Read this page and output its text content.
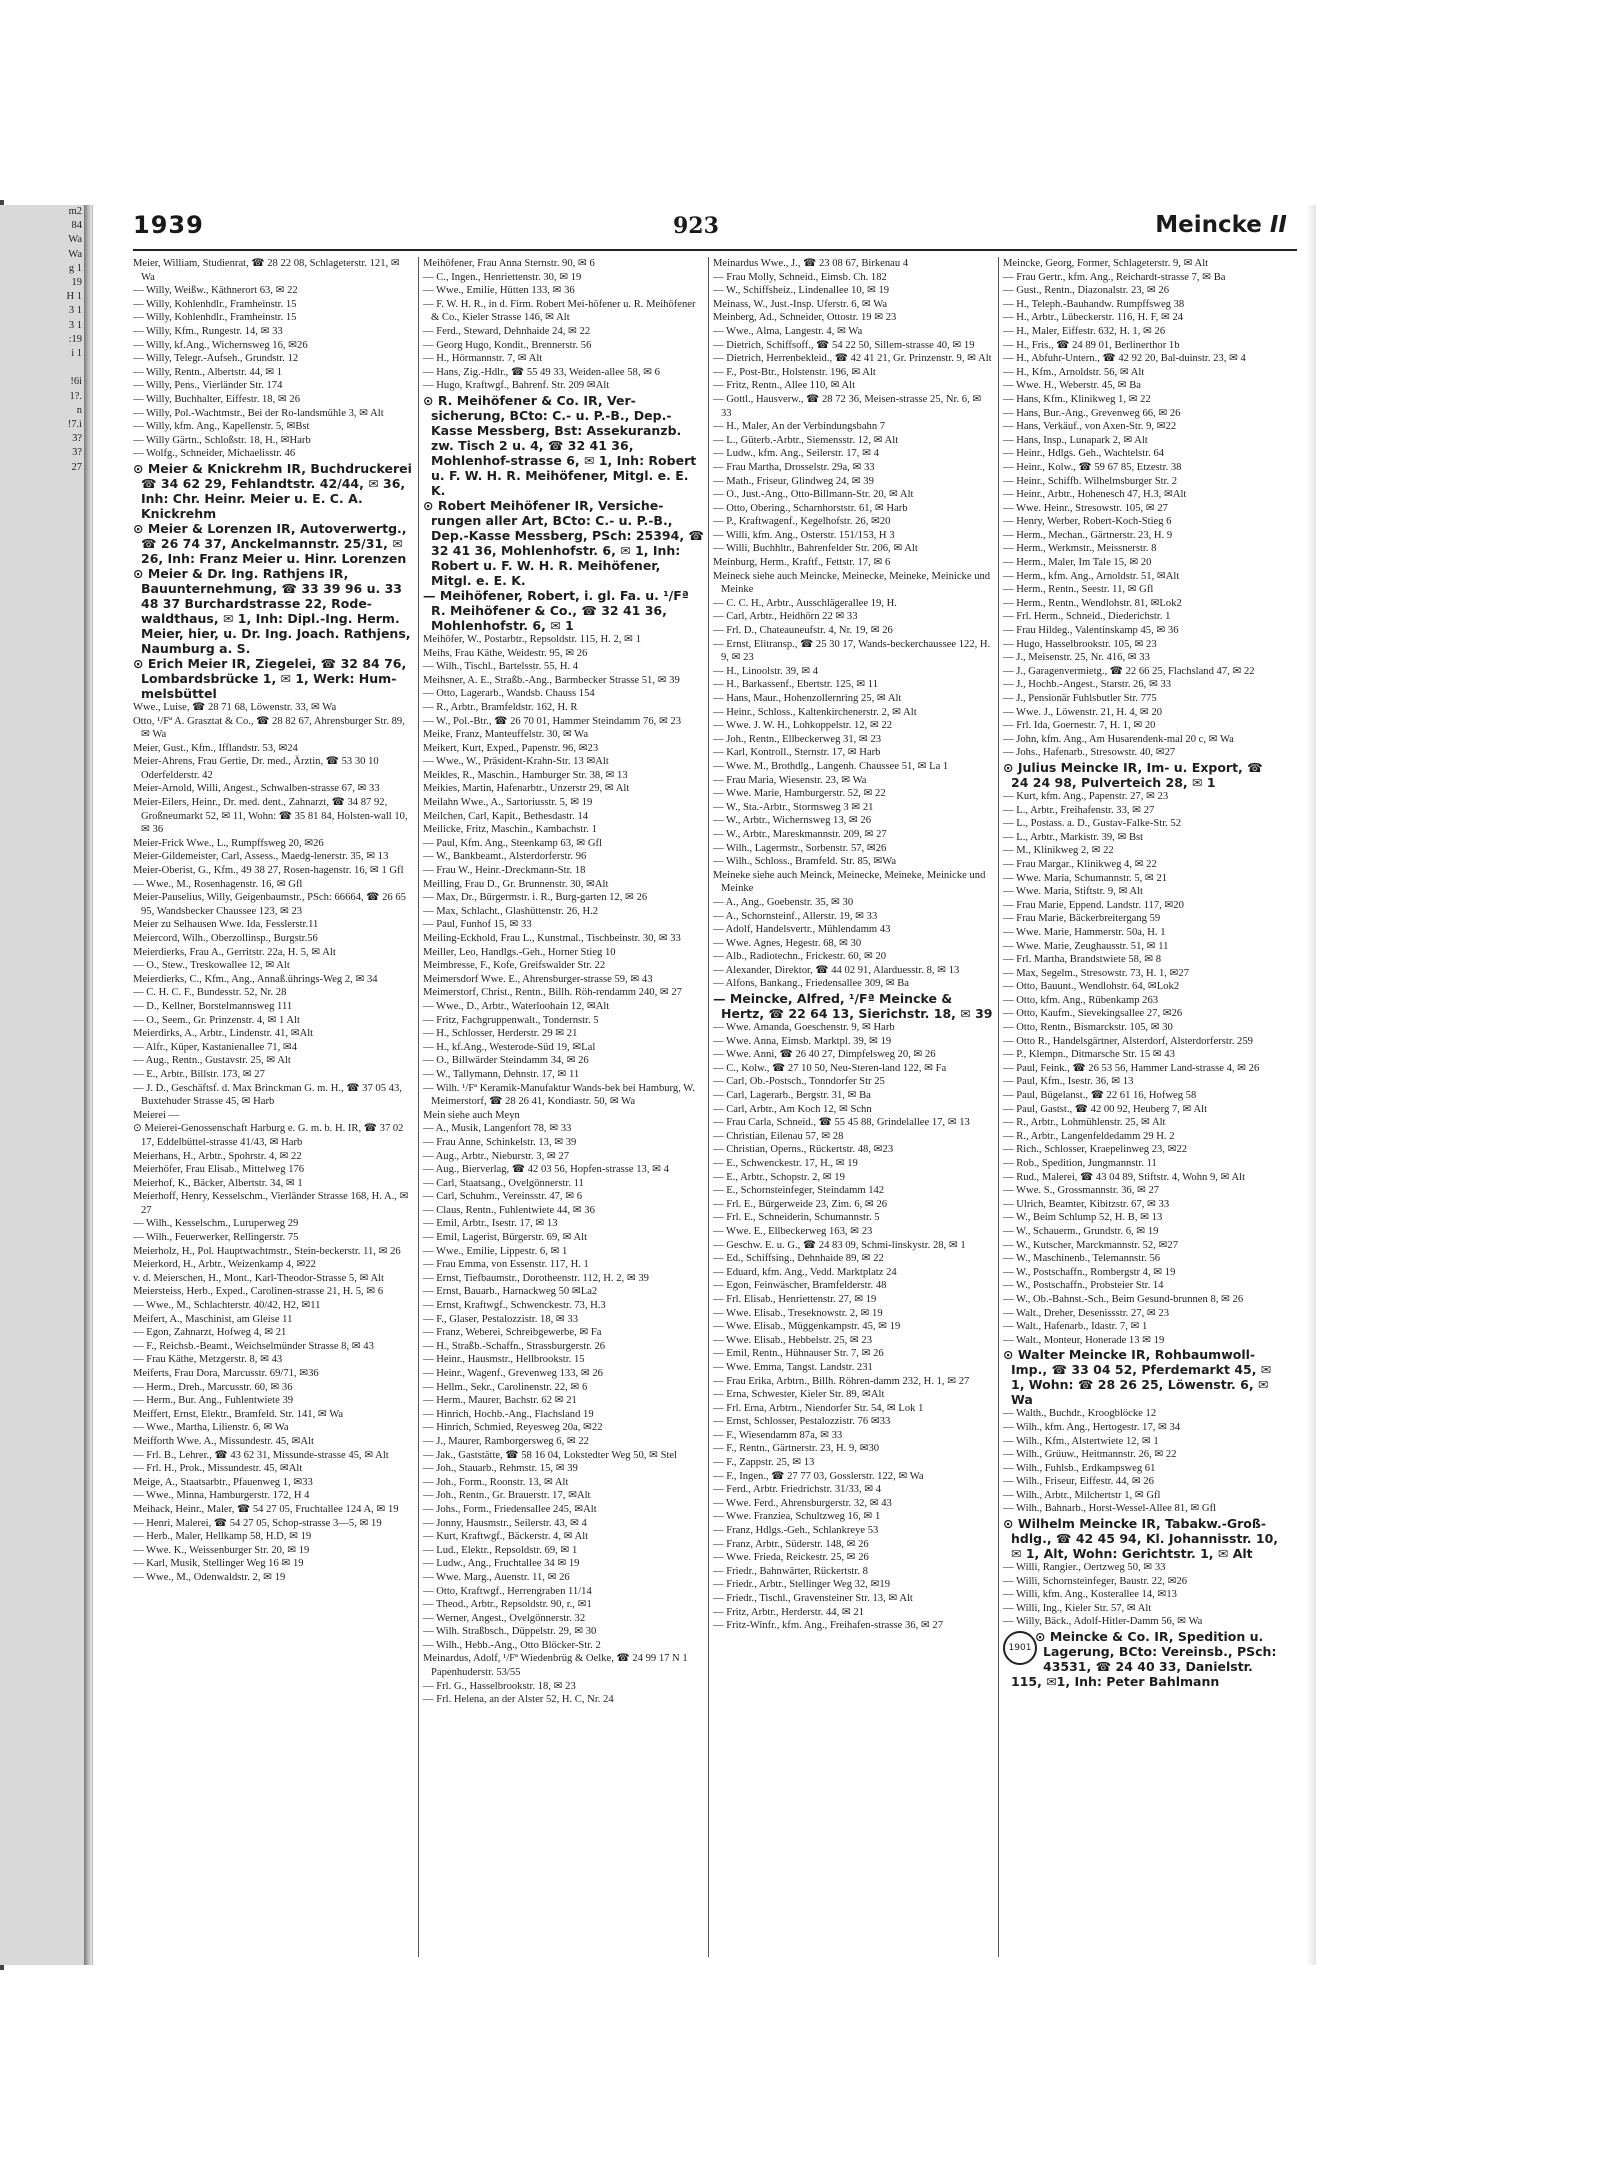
m2
84
Wa
Wa
g 1
19
H 1
3 1
3 1
:19
i 1

!6i
1?.
n
!7.ì
3?
3?
27

1939	923	Meincke II

Meier, William, Studienrat, ☎ 28 22 08, Schlageterstr. 121, ✉ Wa

— Willy, Weißw., Käthnerort 63, ✉ 22

— Willy, Kohlenhdlr., Framheinstr. 15

— Willy, Kohlenhdlr., Framheinstr. 15

— Willy, Kfm., Rungestr. 14, ✉ 33

— Willy, kf.Ang., Wichernsweg 16, ✉26

— Willy, Telegr.-Aufseh., Grundstr. 12

— Willy, Rentn., Albertstr. 44, ✉ 1

— Willy, Pens., Vierländer Str. 174

— Willy, Buchhalter, Eiffestr. 18, ✉ 26

— Willy, Pol.-Wachtmstr., Bei der Ro-landsmühle 3, ✉ Alt

— Willy, kfm. Ang., Kapellenstr. 5, ✉Bst

— Willy Gärtn., Schloßstr. 18, H., ✉Harb

— Wolfg., Schneider, Michaelisstr. 46

⊙ Meier & Knickrehm IR, Buchdruckerei ☎ 34 62 29, Fehlandtstr. 42/44, ✉ 36, Inh: Chr. Heinr. Meier u. E. C. A. Knickrehm

⊙ Meier & Lorenzen IR, Autoverwertg., ☎ 26 74 37, Anckelmannstr. 25/31, ✉ 26, Inh: Franz Meier u. Hinr. Lorenzen

⊙ Meier & Dr. Ing. Rathjens IR, Bauunternehmung, ☎ 33 39 96 u. 33 48 37 Burchardstrasse 22, Rode-waldthaus, ✉ 1, Inh: Dipl.-Ing. Herm. Meier, hier, u. Dr. Ing. Joach. Rathjens, Naumburg a. S.

⊙ Erich Meier IR, Ziegelei, ☎ 32 84 76, Lombardsbrücke 1, ✉ 1, Werk: Hum-melsbüttel

Wwe., Luise, ☎ 28 71 68, Löwenstr. 33, ✉ Wa

Otto, ¹/Fª A. Grasztat & Co., ☎ 28 82 67, Ahrensburger Str. 89, ✉ Wa

Meier, Gust., Kfm., Ifflandstr. 53, ✉24

Meier-Ahrens, Frau Gertie, Dr. med., Ärztin, ☎ 53 30 10 Oderfelderstr. 42

Meier-Arnold, Willi, Angest., Schwalben-strasse 67, ✉ 33

Meier-Eilers, Heinr., Dr. med. dent., Zahnarzt, ☎ 34 87 92, Großneumarkt 52, ✉ 11, Wohn: ☎ 35 81 84, Holsten-wall 10, ✉ 36

Meier-Frick Wwe., L., Rumpffsweg 20, ✉26

Meier-Gildemeister, Carl, Assess., Maedg-lenerstr. 35, ✉ 13

Meier-Oberist, G., Kfm., 49 38 27, Rosen-hagenstr. 16, ✉ 1 Gfl

— Wwe., M., Rosenhagenstr. 16, ✉ Gfl

Meier-Pauselius, Willy, Geigenbaumstr., PSch: 66664, ☎ 26 65 95, Wandsbecker Chaussee 123, ✉ 23

Meier zu Selhausen Wwe. Ida, Fesslerstr.11

Meiercord, Wilh., Oberzollinsp., Burgstr.56

Meierdierks, Frau A., Gerritstr. 22a, H. 5, ✉ Alt

— O., Stew., Treskowallee 12, ✉ Alt

Meierdierks, C., Kfm., Ang., Annaß.ührings-Weg 2, ✉ 34

— C. H. C. F., Bundesstr. 52, Nr. 28

— D., Kellner, Borstelmannsweg 111

— O., Seem., Gr. Prinzenstr. 4, ✉ 1 Alt

Meierdirks, A., Arbtr., Lindenstr. 41, ✉Alt

— Alfr., Küper, Kastanienallee 71, ✉4

— Aug., Rentn., Gustavstr. 25, ✉ Alt

— E., Arbtr., Billstr. 173, ✉ 27

— J. D., Geschäftsf. d. Max Brinckman G. m. H., ☎ 37 05 43, Buxtehuder Strasse 45, ✉ Harb

Meierei —

⊙ Meierei-Genossenschaft Harburg e. G. m. b. H. IR, ☎ 37 02 17, Eddelbüttel-strasse 41/43, ✉ Harb

Meierhans, H., Arbtr., Spohrstr. 4, ✉ 22

Meierhöfer, Frau Elisab., Mittelweg 176

Meierhof, K., Bäcker, Albertstr. 34, ✉ 1

Meierhoff, Henry, Kesselschm., Vierländer Strasse 168, H. A., ✉ 27

— Wilh., Kesselschm., Luruperweg 29

— Wilh., Feuerwerker, Rellingerstr. 75

Meierholz, H., Pol. Hauptwachtmstr., Stein-beckerstr. 11, ✉ 26

Meierkord, H., Arbtr., Weizenkamp 4, ✉22

v. d. Meierschen, H., Mont., Karl-Theodor-Strasse 5, ✉ Alt

Meiersteiss, Herb., Exped., Carolinen-strasse 21, H. 5, ✉ 6

— Wwe., M., Schlachterstr. 40/42, H2, ✉11

Meifert, A., Maschinist, am Gleise 11

— Egon, Zahnarzt, Hofweg 4, ✉ 21

— F., Reichsb.-Beamt., Weichselmünder Strasse 8, ✉ 43

— Frau Käthe, Metzgerstr. 8, ✉ 43

Meiferts, Frau Dora, Marcusstr. 69/71, ✉36

— Herm., Dreh., Marcusstr. 60, ✉ 36

— Herm., Bur. Ang., Fuhlentwiete 39

Meiffert, Ernst, Elektr., Bramfeld. Str. 141, ✉ Wa

— Wwe., Martha, Lilienstr. 6, ✉ Wa

Meifforth Wwe. A., Missundestr. 45, ✉Alt

— Frl. B., Lehrer., ☎ 43 62 31, Missunde-strasse 45, ✉ Alt

— Frl. H., Prok., Missundestr. 45, ✉Alt

Meige, A., Staatsarbtr., Pfauenweg 1, ✉33

— Wwe., Minna, Hamburgerstr. 172, H 4

Meihack, Heinr., Maler, ☎ 54 27 05, Fruchtallee 124 A, ✉ 19

— Henri, Malerei, ☎ 54 27 05, Schop-strasse 3—5, ✉ 19

— Herb., Maler, Hellkamp 58, H.D, ✉ 19

— Wwe. K., Weissenburger Str. 20, ✉ 19

— Karl, Musik, Stellinger Weg 16 ✉ 19

— Wwe., M., Odenwaldstr. 2, ✉ 19

Meihöfener, Frau Anna Sternstr. 90, ✉ 6

— C., Ingen., Henriettenstr. 30, ✉ 19

— Wwe., Emilie, Hütten 133, ✉ 36

— F. W. H. R., in d. Firm. Robert Mei-höfener u. R. Meihöfener & Co., Kieler Strasse 146, ✉ Alt

— Ferd., Steward, Dehnhaide 24, ✉ 22

— Georg Hugo, Kondit., Brennerstr. 56

— H., Hörmannstr. 7, ✉ Alt

— Hans, Zig.-Hdlr., ☎ 55 49 33, Weiden-allee 58, ✉ 6

— Hugo, Kraftwgf., Bahrenf. Str. 209 ✉Alt

⊙ R. Meihöfener & Co. IR, Ver-sicherung, BCto: C.- u. P.-B., Dep.-Kasse Messberg, Bst: Assekuranzb. zw. Tisch 2 u. 4, ☎ 32 41 36, Mohlenhof-strasse 6, ✉ 1, Inh: Robert u. F. W. H. R. Meihöfener, Mitgl. e. E. K.

⊙ Robert Meihöfener IR, Versiche-rungen aller Art, BCto: C.- u. P.-B., Dep.-Kasse Messberg, PSch: 25394, ☎ 32 41 36, Mohlenhofstr. 6, ✉ 1, Inh: Robert u. F. W. H. R. Meihöfener, Mitgl. e. E. K.

— Meihöfener, Robert, i. gl. Fa. u. ¹/Fª R. Meihöfener & Co., ☎ 32 41 36, Mohlenhofstr. 6, ✉ 1

Meihöfer, W., Postarbtr., Repsoldstr. 115, H. 2, ✉ 1

Meihs, Frau Käthe, Weidestr. 95, ✉ 26

— Wilh., Tischl., Bartelsstr. 55, H. 4

Meihsner, A. E., Straßb.-Ang., Barmbecker Strasse 51, ✉ 39

— Otto, Lagerarb., Wandsb. Chauss 154

— R., Arbtr., Bramfeldstr. 162, H. R

— W., Pol.-Btr., ☎ 26 70 01, Hammer Steindamm 76, ✉ 23

Meike, Franz, Manteuffelstr. 30, ✉ Wa

Meikert, Kurt, Exped., Papenstr. 96, ✉23

— Wwe., W., Präsident-Krahn-Str. 13 ✉Alt

Meikles, R., Maschin., Hamburger Str. 38, ✉ 13

Meikies, Martin, Hafenarbtr., Unzerstr 29, ✉ Alt

Meilahn Wwe., A., Sartoriusstr. 5, ✉ 19

Meilchen, Carl, Kapit., Bethesdastr. 14

Meilicke, Fritz, Maschin., Kambachstr. 1

— Paul, Kfm. Ang., Steenkamp 63, ✉ Gfl

— W., Bankbeamt., Alsterdorferstr. 96

— Frau W., Heinr.-Dreckmann-Str. 18

Meilling, Frau D., Gr. Brunnenstr. 30, ✉Alt

— Max, Dr., Bürgermstr. i. R., Burg-garten 12, ✉ 26

— Max, Schlacht., Glashüttenstr. 26, H.2

— Paul, Funhof 15, ✉ 33

Meiling-Eckhold, Frau L., Kunstmal., Tischbeinstr. 30, ✉ 33

Meiller, Leo, Handlgs.-Geh., Horner Stieg 10

Meimbresse, F., Kofe, Greifswalder Str. 22

Meimersdorf Wwe. E., Ahrensburger-strasse 59, ✉ 43

Meimerstorf, Christ., Rentn., Billh. Röh-rendamm 240, ✉ 27

— Wwe., D., Arbtr., Waterloohain 12, ✉Alt

— Fritz, Fachgruppenwalt., Tondernstr. 5

— H., Schlosser, Herderstr. 29 ✉ 21

— H., kf.Ang., Westerode-Süd 19, ✉Lal

— O., Billwärder Steindamm 34, ✉ 26

— W., Tallymann, Dehnstr. 17, ✉ 11

— Wilh. ¹/Fª Keramik-Manufaktur Wands-bek bei Hamburg, W. Meimerstorf, ☎ 28 26 41, Kondiastr. 50, ✉ Wa

Mein siehe auch Meyn

— A., Musik, Langenfort 78, ✉ 33

— Frau Anne, Schinkelstr. 13, ✉ 39

— Aug., Arbtr., Nieburstr. 3, ✉ 27

— Aug., Bierverlag, ☎ 42 03 56, Hopfen-strasse 13, ✉ 4

— Carl, Staatsang., Ovelgönnerstr. 11

— Carl, Schuhm., Vereinsstr. 47, ✉ 6

— Claus, Rentn., Fuhlentwiete 44, ✉ 36

— Emil, Arbtr., Isestr. 17, ✉ 13

— Emil, Lagerist, Bürgerstr. 69, ✉ Alt

— Wwe., Emilie, Lippestr. 6, ✉ 1

— Frau Emma, von Essenstr. 117, H. 1

— Ernst, Tiefbaumstr., Dorotheenstr. 112, H. 2, ✉ 39

— Ernst, Bauarb., Harnackweg 50 ✉La2

— Ernst, Kraftwgf., Schwenckestr. 73, H.3

— F., Glaser, Pestalozzistr. 18, ✉ 33

— Franz, Weberei, Schreibgewerbe, ✉ Fa

— H., Straßb.-Schaffn., Strassburgerstr. 26

— Heinr., Hausmstr., Hellbrookstr. 15

— Heinr., Wagenf., Grevenweg 133, ✉ 26

— Hellm., Sekr., Carolinenstr. 22, ✉ 6

— Herm., Maurer, Bachstr. 62 ✉ 21

— Hinrich, Hochb.-Ang., Flachsland 19

— Hinrich, Schmied, Reyesweg 20a, ✉22

— J., Maurer, Ramborgersweg 6, ✉ 22

— Jak., Gaststätte, ☎ 58 16 04, Lokstedter Weg 50, ✉ Stel

— Joh., Stauarb., Rehmstr. 15, ✉ 39

— Joh., Form., Roonstr. 13, ✉ Alt

— Joh., Rentn., Gr. Brauerstr. 17, ✉Alt

— Johs., Form., Friedensallee 245, ✉Alt

— Jonny, Hausmstr., Seilerstr. 43, ✉ 4

— Kurt, Kraftwgf., Bäckerstr. 4, ✉ Alt

— Lud., Elektr., Repsoldstr. 69, ✉ 1

— Ludw., Ang., Fruchtallee 34 ✉ 19

— Wwe. Marg., Auenstr. 11, ✉ 26

— Otto, Kraftwgf., Herrengraben 11/14

— Theod., Arbtr., Repsoldstr. 90, r., ✉1

— Werner, Angest., Ovelgönnerstr. 32

— Wilh. Straßbsch., Düppelstr. 29, ✉ 30

— Wilh., Hebb.-Ang., Otto Blöcker-Str. 2

Meinardus, Adolf, ¹/Fª Wiedenbrüg & Oelke, ☎ 24 99 17 N 1 Papenhuderstr. 53/55

— Frl. G., Hasselbrookstr. 18, ✉ 23

— Frl. Helena, an der Alster 52, H. C, Nr. 24

Meinardus Wwe., J., ☎ 23 08 67, Birkenau 4

— Frau Molly, Schneid., Eimsb. Ch. 182

— W., Schiffsheiz., Lindenallee 10, ✉ 19

Meinass, W., Just.-Insp. Uferstr. 6, ✉ Wa

Meinberg, Ad., Schneider, Ottostr. 19 ✉ 23

— Wwe., Alma, Langestr. 4, ✉ Wa

— Dietrich, Schiffsoff., ☎ 54 22 50, Sillem-strasse 40, ✉ 19

— Dietrich, Herrenbekleid., ☎ 42 41 21, Gr. Prinzenstr. 9, ✉ Alt

— F., Post-Btr., Holstenstr. 196, ✉ Alt

— Fritz, Rentn., Allee 110, ✉ Alt

— Gottl., Hausverw., ☎ 28 72 36, Meisen-strasse 25, Nr. 6, ✉ 33

— H., Maler, An der Verbindungsbahn 7

— L., Güterb.-Arbtr., Siemensstr. 12, ✉ Alt

— Ludw., kfm. Ang., Seilerstr. 17, ✉ 4

— Frau Martha, Drosselstr. 29a, ✉ 33

— Math., Friseur, Glindweg 24, ✉ 39

— O., Just.-Ang., Otto-Billmann-Str. 20, ✉ Alt

— Otto, Obering., Scharnhorststr. 61, ✉ Harb

— P., Kraftwagenf., Kegelhofstr. 26, ✉20

— Willi, kfm. Ang., Osterstr. 151/153, H 3

— Willi, Buchhltr., Bahrenfelder Str. 206, ✉ Alt

Meinburg, Herm., Kraftf., Fettstr. 17, ✉ 6

Meineck siehe auch Meincke, Meinecke, Meineke, Meinicke und Meinke

— C. C. H., Arbtr., Ausschlägerallee 19, H.

— Carl, Arbtr., Heidhörn 22 ✉ 33

— Frl. D., Chateauneufstr. 4, Nr. 19, ✉ 26

— Ernst, Elitransp., ☎ 25 30 17, Wands-beckerchaussee 122, H. 9, ✉ 23

— H., Linoolstr. 39, ✉ 4

— H., Barkassenf., Ebertstr. 125, ✉ 11

— Hans, Maur., Hohenzollernring 25, ✉ Alt

— Heinr., Schloss., Kaltenkirchenerstr. 2, ✉ Alt

— Wwe. J. W. H., Lohkoppelstr. 12, ✉ 22

— Joh., Rentn., Ellbeckerweg 31, ✉ 23

— Karl, Kontroll., Sternstr. 17, ✉ Harb

— Wwe. M., Brothdlg., Langenh. Chaussee 51, ✉ La 1

— Frau Maria, Wiesenstr. 23, ✉ Wa

— Wwe. Marie, Hamburgerstr. 52, ✉ 22

— W., Sta.-Arbtr., Stormsweg 3 ✉ 21

— W., Arbtr., Wichernsweg 13, ✉ 26

— W., Arbtr., Mareskmannstr. 209, ✉ 27

— Wilh., Lagermstr., Sorbenstr. 57, ✉26

— Wilh., Schloss., Bramfeld. Str. 85, ✉Wa

Meineke siehe auch Meinck, Meinecke, Meineke, Meinicke und Meinke

— A., Ang., Goebenstr. 35, ✉ 30

— A., Schornsteinf., Allerstr. 19, ✉ 33

— Adolf, Handelsvertr., Mühlendamm 43

— Wwe. Agnes, Hegestr. 68, ✉ 30

— Alb., Radiotechn., Frickestr. 60, ✉ 20

— Alexander, Direktor, ☎ 44 02 91, Alarduesstr. 8, ✉ 13

— Alfons, Bankang., Friedensallee 309, ✉ Ba

— Meincke, Alfred, ¹/Fª Meincke & Hertz, ☎ 22 64 13, Sierichstr. 18, ✉ 39

— Wwe. Amanda, Goeschenstr. 9, ✉ Harb

— Wwe. Anna, Eimsb. Marktpl. 39, ✉ 19

— Wwe. Anni, ☎ 26 40 27, Dimpfelsweg 20, ✉ 26

— C., Kolw., ☎ 27 10 50, Neu-Steren-land 122, ✉ Fa

— Carl, Ob.-Postsch., Tonndorfer Str 25

— Carl, Lagerarb., Bergstr. 31, ✉ Ba

— Carl, Arbtr., Am Koch 12, ✉ Schn

— Frau Carla, Schneid., ☎ 55 45 88, Grindelallee 17, ✉ 13

— Christian, Eilenau 57, ✉ 28

— Christian, Operns., Rückertstr. 48, ✉23

— E., Schwenckestr. 17, H., ✉ 19

— E., Arbtr., Schopstr. 2, ✉ 19

— E., Schornsteinfeger, Steindamm 142

— Frl. E., Bürgerweide 23, Zim. 6, ✉ 26

— Frl. E., Schneiderin, Schumannstr. 5

— Wwe. E., Ellbeckerweg 163, ✉ 23

— Geschw. E. u. G., ☎ 24 83 09, Schmi-linskystr. 28, ✉ 1

— Ed., Schiffsing., Dehnhaide 89, ✉ 22

— Eduard, kfm. Ang., Vedd. Marktplatz 24

— Egon, Feinwäscher, Bramfelderstr. 48

— Frl. Elisab., Henriettenstr. 27, ✉ 19

— Wwe. Elisab., Treseknowstr. 2, ✉ 19

— Wwe. Elisab., Müggenkampstr. 45, ✉ 19

— Wwe. Elisab., Hebbelstr. 25, ✉ 23

— Emil, Rentn., Hühnauser Str. 7, ✉ 26

— Wwe. Emma, Tangst. Landstr. 231

— Frau Erika, Arbtrn., Billh. Röhren-damm 232, H. 1, ✉ 27

— Erna, Schwester, Kieler Str. 89, ✉Alt

— Frl. Erna, Arbtrn., Niendorfer Str. 54, ✉ Lok 1

— Ernst, Schlosser, Pestalozzistr. 76 ✉33

— F., Wiesendamm 87a, ✉ 33

— F., Rentn., Gärtnerstr. 23, H. 9, ✉30

— F., Zappstr. 25, ✉ 13

— F., Ingen., ☎ 27 77 03, Gosslerstr. 122, ✉ Wa

— Ferd., Arbtr. Friedrichstr. 31/33, ✉ 4

— Wwe. Ferd., Ahrensburgerstr. 32, ✉ 43

— Wwe. Franziea, Schultzweg 16, ✉ 1

— Franz, Hdlgs.-Geh., Schlankreye 53

— Franz, Arbtr., Süderstr. 148, ✉ 26

— Wwe. Frieda, Reickestr. 25, ✉ 26

— Friedr., Bahnwärter, Rückertstr. 8

— Friedr., Arbtr., Stellinger Weg 32, ✉19

— Friedr., Tischl., Gravensteiner Str. 13, ✉ Alt

— Fritz, Arbtr., Herderstr. 44, ✉ 21

— Fritz-Winfr., kfm. Ang., Freihafen-strasse 36, ✉ 27

Meincke, Georg, Former, Schlageterstr. 9, ✉ Alt

— Frau Gertr., kfm. Ang., Reichardt-strasse 7, ✉ Ba

— Gust., Rentn., Diazonalstr. 23, ✉ 26

— H., Teleph.-Bauhandw. Rumpffsweg 38

— H., Arbtr., Lübeckerstr. 116, H. F, ✉ 24

— H., Maler, Eiffestr. 632, H. 1, ✉ 26

— H., Fris., ☎ 24 89 01, Berlinerthor 1b

— H., Abfuhr-Untern., ☎ 42 92 20, Bal-duinstr. 23, ✉ 4

— H., Kfm., Arnoldstr. 56, ✉ Alt

— Wwe. H., Weberstr. 45, ✉ Ba

— Hans, Kfm., Klinikweg 1, ✉ 22

— Hans, Bur.-Ang., Grevenweg 66, ✉ 26

— Hans, Verkäuf., von Axen-Str. 9, ✉22

— Hans, Insp., Lunapark 2, ✉ Alt

— Heinr., Hdlgs. Geh., Wachtelstr. 64

— Heinr., Kolw., ☎ 59 67 85, Etzestr. 38

— Heinr., Schiffb. Wilhelmsburger Str. 2

— Heinr., Arbtr., Hohenesch 47, H.3, ✉Alt

— Wwe. Heinr., Stresowstr. 105, ✉ 27

— Henry, Werber, Robert-Koch-Stieg 6

— Herm., Mechan., Gärtnerstr. 23, H. 9

— Herm., Werkmstr., Meissnerstr. 8

— Herm., Maler, Im Tale 15, ✉ 20

— Herm., kfm. Ang., Arnoldstr. 51, ✉Alt

— Herm., Rentn., Seestr. 11, ✉ Gfl

— Herm., Rentn., Wendlohstr. 81, ✉Lok2

— Frl. Herm., Schneid., Diederichstr. 1

— Frau Hildeg., Valentinskamp 45, ✉ 36

— Hugo, Hasselbrookstr. 105, ✉ 23

— J., Meisenstr. 25, Nr. 416, ✉ 33

— J., Garagenvermietg., ☎ 22 66 25, Flachsland 47, ✉ 22

— J., Hochb.-Angest., Starstr. 26, ✉ 33

— J., Pensionär Fuhlsbutler Str. 775

— Wwe. J., Löwenstr. 21, H. 4, ✉ 20

— Frl. Ida, Goernestr. 7, H. 1, ✉ 20

— John, kfm. Ang., Am Husarendenk-mal 20 c, ✉ Wa

— Johs., Hafenarb., Stresowstr. 40, ✉27

⊙ Julius Meincke IR, Im- u. Export, ☎ 24 24 98, Pulverteich 28, ✉ 1

— Kurt, kfm. Ang., Papenstr. 27, ✉ 23

— L., Arbtr., Freihafenstr. 33, ✉ 27

— L., Postass. a. D., Gustav-Falke-Str. 52

— L., Arbtr., Markistr. 39, ✉ Bst

— M., Klinikweg 2, ✉ 22

— Frau Margar., Klinikweg 4, ✉ 22

— Wwe. Maria, Schumannstr. 5, ✉ 21

— Wwe. Maria, Stiftstr. 9, ✉ Alt

— Frau Marie, Eppend. Landstr. 117, ✉20

— Frau Marie, Bäckerbreitergang 59

— Wwe. Marie, Hammerstr. 50a, H. 1

— Wwe. Marie, Zeughausstr. 51, ✉ 11

— Frl. Martha, Brandstwiete 58, ✉ 8

— Max, Segelm., Stresowstr. 73, H. 1, ✉27

— Otto, Bauunt., Wendlohstr. 64, ✉Lok2

— Otto, kfm. Ang., Rübenkamp 263

— Otto, Kaufm., Sievekingsallee 27, ✉26

— Otto, Rentn., Bismarckstr. 105, ✉ 30

— Otto R., Handelsgärtner, Alsterdorf, Alsterdorferstr. 259

— P., Klempn., Ditmarsche Str. 15 ✉ 43

— Paul, Feink., ☎ 26 53 56, Hammer Land-strasse 4, ✉ 26

— Paul, Kfm., Isestr. 36, ✉ 13

— Paul, Bügelanst., ☎ 22 61 16, Hofweg 58

— Paul, Gastst., ☎ 42 00 92, Heuberg 7, ✉ Alt

— R., Arbtr., Lohmühlenstr. 25, ✉ Alt

— R., Arbtr., Langenfeldedamm 29 H. 2

— Rich., Schlosser, Kraepelinweg 23, ✉22

— Rob., Spedition, Jungmannstr. 11

— Rud., Malerei, ☎ 43 04 89, Stiftstr. 4, Wohn 9, ✉ Alt

— Wwe. S., Grossmannstr. 36, ✉ 27

— Ulrich, Beamter, Kibitzstr. 67, ✉ 33

— W., Beim Schlump 52, H. B, ✉ 13

— W., Schauerm., Grundstr. 6, ✉ 19

— W., Kutscher, Marckmannstr. 52, ✉27

— W., Maschinenb., Telemannstr. 56

— W., Postschaffn., Rombergstr 4, ✉ 19

— W., Postschaffn., Probsteier Str. 14

— W., Ob.-Bahnst.-Sch., Beim Gesund-brunnen 8, ✉ 26

— Walt., Dreher, Desenissstr. 27, ✉ 23

— Walt., Hafenarb., Idastr. 7, ✉ 1

— Walt., Monteur, Honerade 13 ✉ 19

⊙ Walter Meincke IR, Rohbaumwoll-Imp., ☎ 33 04 52, Pferdemarkt 45, ✉ 1, Wohn: ☎ 28 26 25, Löwenstr. 6, ✉Wa

— Walth., Buchdr., Kroogblöcke 12

— Wilh., kfm. Ang., Hertogestr. 17, ✉ 34

— Wilh., Kfm., Alstertwiete 12, ✉ 1

— Wilh., Grüuw., Heitmannstr. 26, ✉ 22

— Wilh., Fuhlsb., Erdkampsweg 61

— Wilh., Friseur, Eiffestr. 44, ✉ 26

— Wilh., Arbtr., Milchertstr 1, ✉ Gfl

— Wilh., Bahnarb., Horst-Wessel-Allee 81, ✉ Gfl

⊙ Wilhelm Meincke IR, Tabakw.-Groß-hdlg., ☎ 42 45 94, Kl. Johannisstr. 10, ✉ 1, Alt, Wohn: Gerichtstr. 1, ✉ Alt

— Willi, Rangier., Oertzweg 50, ✉ 33

— Willi, Schornsteinfeger, Baustr. 22, ✉26

— Willi, kfm. Ang., Kosterallee 14, ✉13

— Willi, Ing., Kieler Str. 57, ✉ Alt

— Willy, Bäck., Adolf-Hitler-Damm 56, ✉ Wa

1901

⊙ Meincke & Co. IR, Spedition u. Lagerung, BCto: Vereinsb., PSch: 43531, ☎ 24 40 33, Danielstr. 115, ✉1, Inh: Peter Bahlmann
